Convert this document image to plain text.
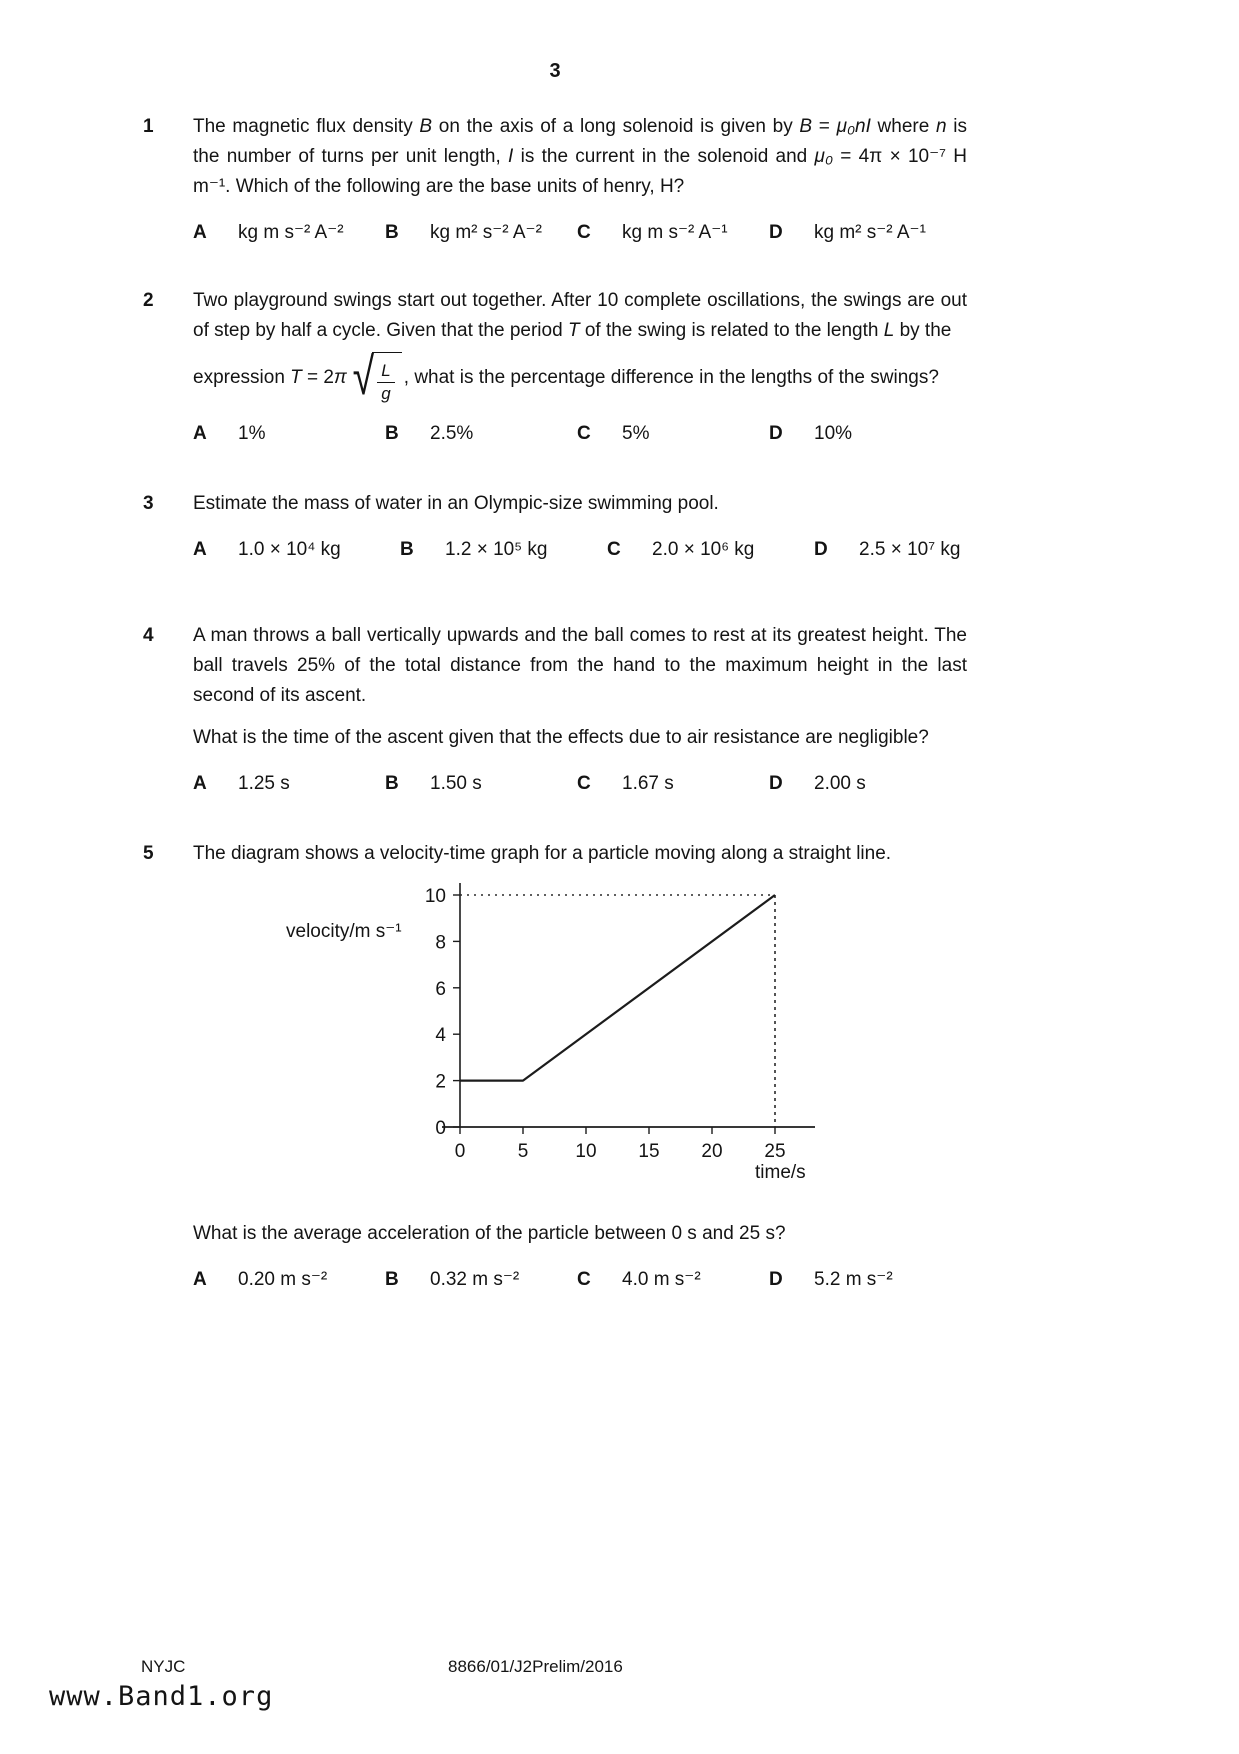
3
1	The magnetic flux density B on the axis of a long solenoid is given by B = μ₀nI where n is the number of turns per unit length, I is the current in the solenoid and μ₀ = 4π × 10⁻⁷ H m⁻¹. Which of the following are the base units of henry, H?

A	kg m s⁻² A⁻² B	kg m² s⁻² A⁻² C	kg m s⁻² A⁻¹ D	kg m² s⁻² A⁻¹
2	Two playground swings start out together. After 10 complete oscillations, the swings are out of step by half a cycle. Given that the period T of the swing is related to the length L by the

expression T = 2π √ $\frac{L}{g}$ , what is the percentage difference in the lengths of the swings?
A	1%	B	2.5%	C	5%	D	10%
3	Estimate the mass of water in an Olympic-size swimming pool.

A	1.0 × 10⁴ kg	B	1.2 × 10⁵ kg	C	2.0 × 10⁶ kg	D	2.5 × 10⁷ kg
4	A man throws a ball vertically upwards and the ball comes to rest at its greatest height. The ball travels 25% of the total distance from the hand to the maximum height in the last second of its ascent.

What is the time of the ascent given that the effects due to air resistance are negligible?

A	1.25 s	B	1.50 s	C	1.67 s	D	2.00 s
5	The diagram shows a velocity-time graph for a particle moving along a straight line.

0
2
4
6
8
10
0	5 10 15 20 25
velocity/m s⁻¹
time/s

What is the average acceleration of the particle between 0 s and 25 s?

A	0.20 m s⁻²	B	0.32 m s⁻²	C	4.0 m s⁻²	D	5.2 m s⁻²
NYJC	8866/01/J2Prelim/2016
www.Band1.org
